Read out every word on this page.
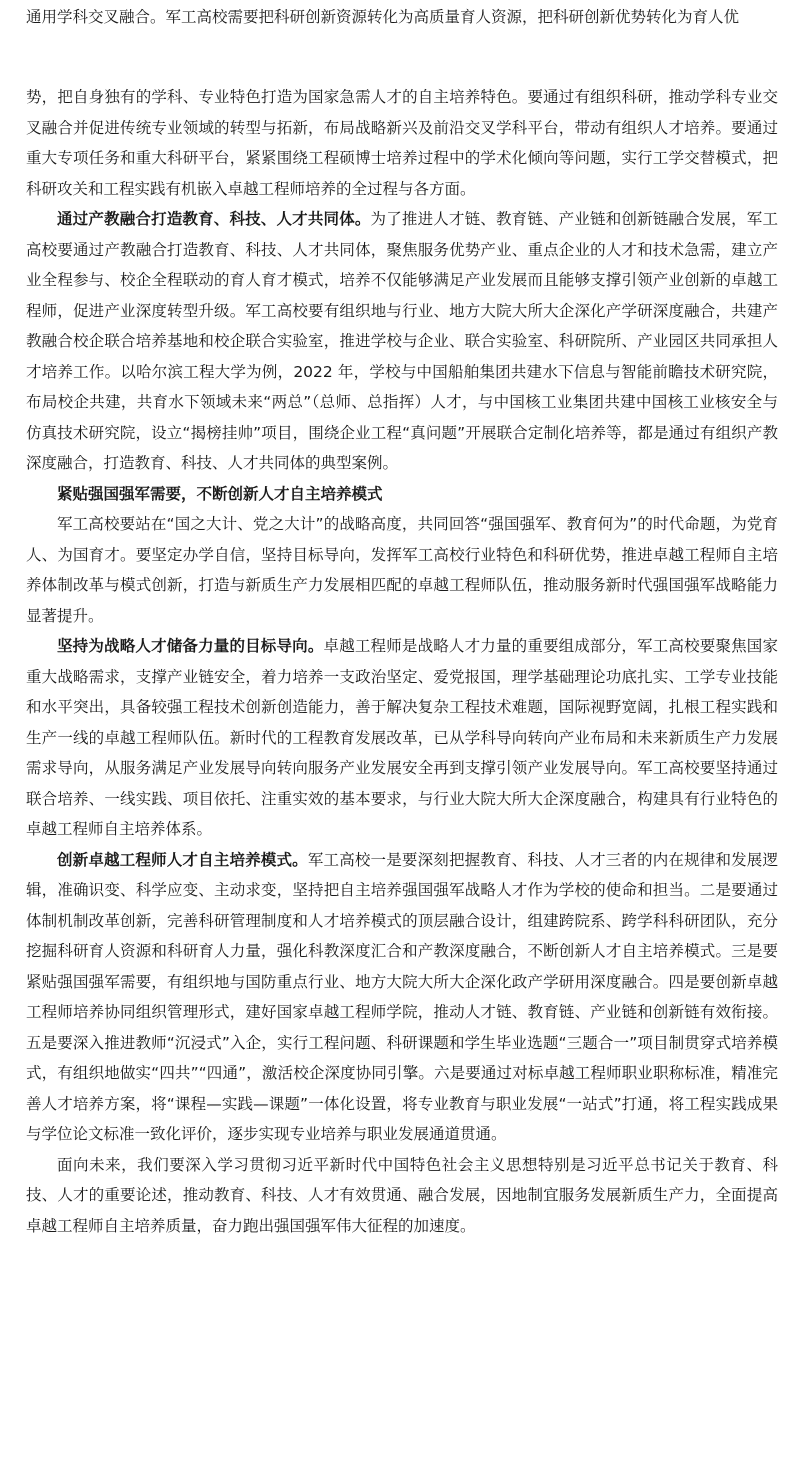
通用学科交叉融合。军工高校需要把科研创新资源转化为高质量育人资源，把科研创新优势转化为育人优

势，把自身独有的学科、专业特色打造为国家急需人才的自主培养特色。要通过有组织科研，推动学科专业交叉融合并促进传统专业领域的转型与拓新，布局战略新兴及前沿交叉学科平台，带动有组织人才培养。要通过重大专项任务和重大科研平台，紧紧围绕工程硕博士培养过程中的学术化倾向等问题，实行工学交替模式，把科研攻关和工程实践有机嵌入卓越工程师培养的全过程与各方面。

通过产教融合打造教育、科技、人才共同体。为了推进人才链、教育链、产业链和创新链融合发展，军工高校要通过产教融合打造教育、科技、人才共同体，聚焦服务优势产业、重点企业的人才和技术急需，建立产业全程参与、校企全程联动的育人育才模式，培养不仅能够满足产业发展而且能够支撑引领产业创新的卓越工程师，促进产业深度转型升级。军工高校要有组织地与行业、地方大院大所大企深化产学研深度融合，共建产教融合校企联合培养基地和校企联合实验室，推进学校与企业、联合实验室、科研院所、产业园区共同承担人才培养工作。以哈尔滨工程大学为例，2022 年，学校与中国船舶集团共建水下信息与智能前瞻技术研究院，布局校企共建，共育水下领域未来“两总”（总师、总指挥）人才，与中国核工业集团共建中国核工业核安全与仿真技术研究院，设立“揭榜挂帅”项目，围绕企业工程“真问题”开展联合定制化培养等，都是通过有组织产教深度融合，打造教育、科技、人才共同体的典型案例。

紧贴强国强军需要，不断创新人才自主培养模式

军工高校要站在“国之大计、党之大计”的战略高度，共同回答“强国强军、教育何为”的时代命题，为党育人、为国育才。要坚定办学自信，坚持目标导向，发挥军工高校行业特色和科研优势，推进卓越工程师自主培养体制改革与模式创新，打造与新质生产力发展相匹配的卓越工程师队伍，推动服务新时代强国强军战略能力显著提升。

坚持为战略人才储备力量的目标导向。卓越工程师是战略人才力量的重要组成部分，军工高校要聚焦国家重大战略需求，支撑产业链安全，着力培养一支政治坚定、爱党报国，理学基础理论功底扎实、工学专业技能和水平突出，具备较强工程技术创新创造能力，善于解决复杂工程技术难题，国际视野宽阔，扎根工程实践和生产一线的卓越工程师队伍。新时代的工程教育发展改革，已从学科导向转向产业布局和未来新质生产力发展需求导向，从服务满足产业发展导向转向服务产业发展安全再到支撑引领产业发展导向。军工高校要坚持通过联合培养、一线实践、项目依托、注重实效的基本要求，与行业大院大所大企深度融合，构建具有行业特色的卓越工程师自主培养体系。

创新卓越工程师人才自主培养模式。军工高校一是要深刻把握教育、科技、人才三者的内在规律和发展逻辑，准确识变、科学应变、主动求变，坚持把自主培养强国强军战略人才作为学校的使命和担当。二是要通过体制机制改革创新，完善科研管理制度和人才培养模式的顶层融合设计，组建跨院系、跨学科科研团队，充分挖掘科研育人资源和科研育人力量，强化科教深度汇合和产教深度融合，不断创新人才自主培养模式。三是要紧贴强国强军需要，有组织地与国防重点行业、地方大院大所大企深化政产学研用深度融合。四是要创新卓越工程师培养协同组织管理形式，建好国家卓越工程师学院，推动人才链、教育链、产业链和创新链有效衔接。五是要深入推进教师“沉浸式”入企，实行工程问题、科研课题和学生毕业选题“三题合一”项目制贯穿式培养模式，有组织地做实“四共”“四通”，激活校企深度协同引擎。六是要通过对标卓越工程师职业职称标准，精准完善人才培养方案，将“课程—实践—课题”一体化设置，将专业教育与职业发展“一站式”打通，将工程实践成果与学位论文标准一致化评价，逐步实现专业培养与职业发展通道贯通。

面向未来，我们要深入学习贯彻习近平新时代中国特色社会主义思想特别是习近平总书记关于教育、科技、人才的重要论述，推动教育、科技、人才有效贯通、融合发展，因地制宜服务发展新质生产力，全面提高卓越工程师自主培养质量，奋力跑出强国强军伟大征程的加速度。
